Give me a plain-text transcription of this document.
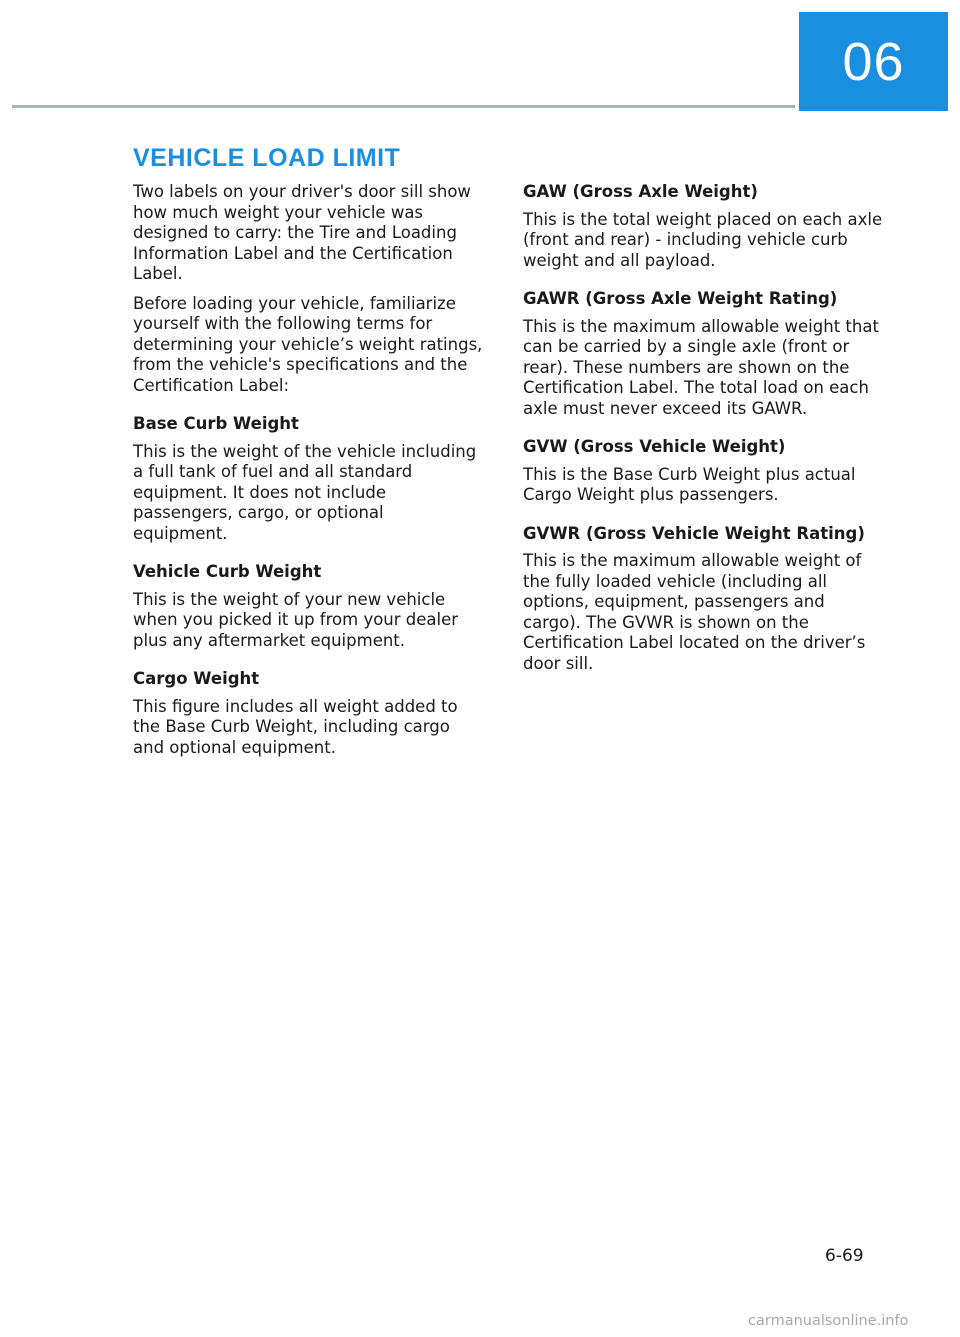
06
VEHICLE LOAD LIMIT

Two labels on your driver's door sill show how much weight your vehicle was designed to carry: the Tire and Loading Information Label and the Certification Label.

Before loading your vehicle, familiarize yourself with the following terms for determining your vehicle’s weight ratings, from the vehicle's specifications and the Certification Label:

Base Curb Weight

This is the weight of the vehicle including a full tank of fuel and all standard equipment. It does not include passengers, cargo, or optional equipment.

Vehicle Curb Weight

This is the weight of your new vehicle when you picked it up from your dealer plus any aftermarket equipment.

Cargo Weight

This figure includes all weight added to the Base Curb Weight, including cargo and optional equipment.

GAW (Gross Axle Weight)

This is the total weight placed on each axle (front and rear) - including vehicle curb weight and all payload.

GAWR (Gross Axle Weight Rating)

This is the maximum allowable weight that can be carried by a single axle (front or rear). These numbers are shown on the Certification Label. The total load on each axle must never exceed its GAWR.

GVW (Gross Vehicle Weight)

This is the Base Curb Weight plus actual Cargo Weight plus passengers.

GVWR (Gross Vehicle Weight Rating)

This is the maximum allowable weight of the fully loaded vehicle (including all options, equipment, passengers and cargo). The GVWR is shown on the Certification Label located on the driver’s door sill.

6-69
carmanualsonline.info
